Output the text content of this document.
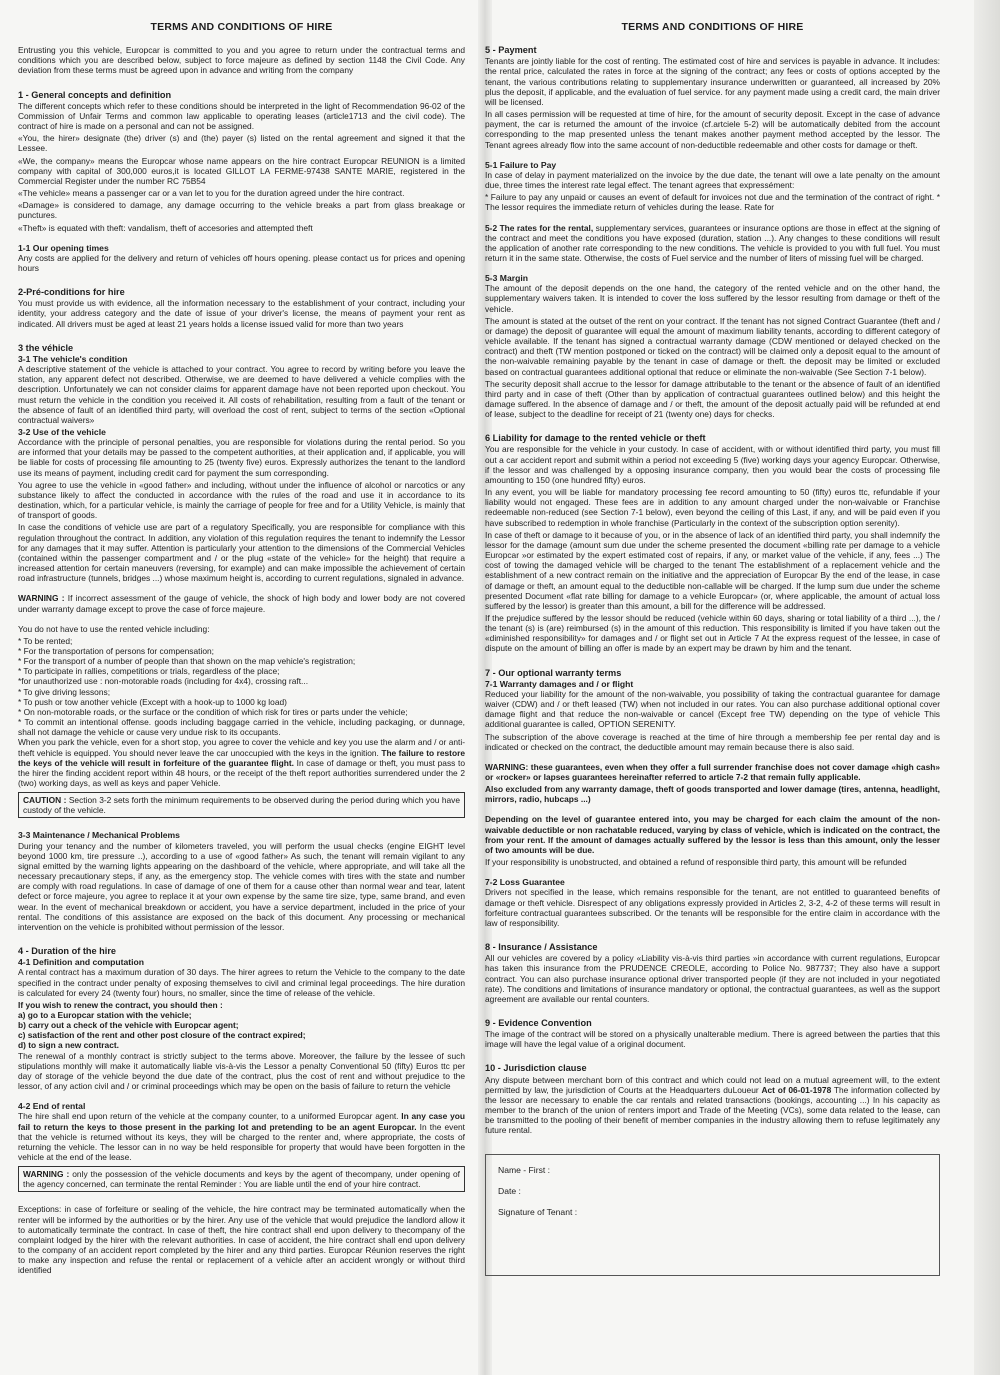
TERMS AND CONDITIONS OF HIRE

Entrusting you this vehicle, Europcar is committed to you and you agree to return under the contractual terms and conditions which you are described below, subject to force majeure as defined by section 1148 the Civil Code. Any deviation from these terms must be agreed upon in advance and writing from the company

1 - General concepts and definition

The different concepts which refer to these conditions should be interpreted in the light of Recommendation 96-02 of the Commission of Unfair Terms and common law applicable to operating leases (article1713 and the civil code). The contract of hire is made on a personal and can not be assigned.

«You, the hirer» designate (the) driver (s) and (the) payer (s) listed on the rental agreement and signed it that the Lessee.

«We, the company» means the Europcar whose name appears on the hire contract Europcar REUNION is a limited company with capital of 300,000 euros,it is located GILLOT LA FERME-97438 SANTE MARIE, registered in the Commercial Register under the number RC 75B54

«The vehicle» means a passenger car or a van let to you for the duration agreed under the hire contract.

«Damage» is considered to damage, any damage occurring to the vehicle breaks a part from glass breakage or punctures.

«Theft» is equated with theft: vandalism, theft of accesories and attempted theft

1-1 Our opening times

Any costs are applied for the delivery and return of vehicles off hours opening. please contact us for prices and opening hours

2-Pré-conditions for hire

You must provide us with evidence, all the information necessary to the establishment of your contract, including your identity, your address category and the date of issue of your driver's license, the means of payment your rent as indicated. All drivers must be aged at least 21 years holds a license issued valid for more than two years

3 the véhicle
3-1 The vehicle's condition

A descriptive statement of the vehicle is attached to your contract. You agree to record by writing before you leave the station, any apparent defect not described. Otherwise, we are deemed to have delivered a vehicle complies with the description. Unfortunately we can not consider claims for apparent damage have not been reported upon checkout. You must return the vehicle in the condition you received it. All costs of rehabilitation, resulting from a fault of the tenant or the absence of fault of an identified third party, will overload the cost of rent, subject to terms of the section «Optional contractual waivers»

3-2 Use of the vehicle

Accordance with the principle of personal penalties, you are responsible for violations during the rental period. So you are informed that your details may be passed to the competent authorities, at their application and, if applicable, you will be liable for costs of processing file amounting to 25 (twenty five) euros. Expressly authorizes the tenant to the landlord use its means of payment, including credit card for payment the sum corresponding.

You agree to use the vehicle in «good father» and including, without under the influence of alcohol or narcotics or any substance likely to affect the conducted in accordance with the rules of the road and use it in accordance to its destination, which, for a particular vehicle, is mainly the carriage of people for free and for a Utility Vehicle, is mainly that of transport of goods.

In case the conditions of vehicle use are part of a regulatory Specifically, you are responsible for compliance with this regulation throughout the contract. In addition, any violation of this regulation requires the tenant to indemnify the Lessor for any damages that it may suffer. Attention is particularly your attention to the dimensions of the Commercial Vehicles (contained within the passenger compartment and / or the plug «state of the vehicle» for the height) that require a increased attention for certain maneuvers (reversing, for example) and can make impossible the achievement of certain road infrastructure (tunnels, bridges ...) whose maximum height is, according to current regulations, signaled in advance.

WARNING : If incorrect assessment of the gauge of vehicle, the shock of high body and lower body are not covered under warranty damage except to prove the case of force majeure.

You do not have to use the rented vehicle including:

* To be rented;
* For the transportation of persons for compensation;
* For the transport of a number of people than that shown on the map vehicle's registration;
* To participate in rallies, competitions or trials, regardless of the place;
*for unauthorized use : non-motorable roads (including for 4x4), crossing raft...
* To give driving lessons;
* To push or tow another vehicle (Except with a hook-up to 1000 kg load)
* On non-motorable roads, or the surface or the condition of which risk for tires or parts under the vehicle;
* To commit an intentional offense. goods including baggage carried in the vehicle, including packaging, or dunnage, shall not damage the vehicle or cause very undue risk to its occupants.

When you park the vehicle, even for a short stop, you agree to cover the vehicle and key you use the alarm and / or anti-theft vehicle is equipped. You should never leave the car unoccupied with the keys in the ignition. The failure to restore the keys of the vehicle will result in forfeiture of the guarantee flight. In case of damage or theft, you must pass to the hirer the finding accident report within 48 hours, or the receipt of the theft report authorities surrendered under the 2 (two) working days, as well as keys and paper Vehicle.

CAUTION : Section 3-2 sets forth the minimum requirements to be observed during the period during which you have custody of the vehicle.
3-3 Maintenance / Mechanical Problems

During your tenancy and the number of kilometers traveled, you will perform the usual checks (engine EIGHT level beyond 1000 km, tire pressure ..), according to a use of «good father» As such, the tenant will remain vigilant to any signal emitted by the warning lights appearing on the dashboard of the vehicle, where appropriate, and will take all the necessary precautionary steps, if any, as the emergency stop. The vehicle comes with tires with the state and number are comply with road regulations. In case of damage of one of them for a cause other than normal wear and tear, latent defect or force majeure, you agree to replace it at your own expense by the same tire size, type, same brand, and even wear. In the event of mechanical breakdown or accident, you have a service department, included in the price of your rental. The conditions of this assistance are exposed on the back of this document. Any processing or mechanical intervention on the vehicle is prohibited without permission of the lessor.

4 - Duration of the hire
4-1 Definition and computation

A rental contract has a maximum duration of 30 days. The hirer agrees to return the Vehicle to the company to the date specified in the contract under penalty of exposing themselves to civil and criminal legal proceedings. The hire duration is calculated for every 24 (twenty four) hours, no smaller, since the time of release of the vehicle.

If you wish to renew the contract, you should then :
a) go to a Europcar station with the vehicle;
b) carry out a check of the vehicle with Europcar agent;
c) satisfaction of the rent and other post closure of the contract expired;
d) to sign a new contract.

The renewal of a monthly contract is strictly subject to the terms above. Moreover, the failure by the lessee of such stipulations monthly will make it automatically liable vis-à-vis the Lessor a penalty Conventional 50 (fifty) Euros ttc per day of storage of the vehicle beyond the due date of the contract, plus the cost of rent and without prejudice to the lessor, of any action civil and / or criminal proceedings which may be open on the basis of failure to return the vehicle

4-2 End of rental

The hire shall end upon return of the vehicle at the company counter, to a uniformed Europcar agent. In any case you fail to return the keys to those present in the parking lot and pretending to be an agent Europcar. In the event that the vehicle is returned without its keys, they will be charged to the renter and, where appropriate, the costs of returning the vehicle. The lessor can in no way be held responsible for property that would have been forgotten in the vehicle at the end of the lease.

WARNING : only the possession of the vehicle documents and keys by the agent of thecompany, under opening of the agency concerned, can terminate the rental Reminder : You are liable until the end of your hire contract.

Exceptions: in case of forfeiture or sealing of the vehicle, the hire contract may be terminated automatically when the renter will be informed by the authorities or by the hirer. Any use of the vehicle that would prejudice the landlord allow it to automatically terminate the contract. In case of theft, the hire contract shall end upon delivery to thecompany of the complaint lodged by the hirer with the relevant authorities. In case of accident, the hire contract shall end upon delivery to the company of an accident report completed by the hirer and any third parties. Europcar Réunion reserves the right to make any inspection and refuse the rental or replacement of a vehicle after an accident wrongly or without third identified

TERMS AND CONDITIONS OF HIRE
5 - Payment

Tenants are jointly liable for the cost of renting. The estimated cost of hire and services is payable in advance. It includes: the rental price, calculated the rates in force at the signing of the contract; any fees or costs of options accepted by the tenant, the various contributions relating to supplementary insurance underwritten or guaranteed, all increased by 20% plus the deposit, if applicable, and the evaluation of fuel service. for any payment made using a credit card, the main driver will be licensed.

In all cases permission will be requested at time of hire, for the amount of security deposit. Except in the case of advance payment, the car is returned the amount of the invoice (cf.artciele 5-2) will be automatically debited from the account corresponding to the map presented unless the tenant makes another payment method accepted by the lessor. The Tenant agrees already flow into the same account of non-deductible redeemable and other costs for damage or theft.

5-1 Failure to Pay

In case of delay in payment materialized on the invoice by the due date, the tenant will owe a late penalty on the amount due, three times the interest rate legal effect. The tenant agrees that expressément:

* Failure to pay any unpaid or causes an event of default for invoices not due and the termination of the contract of right. * The lessor requires the immediate return of vehicles during the lease. Rate for

5-2 The rates for the rental, supplementary services, guarantees or insurance options are those in effect at the signing of the contract and meet the conditions you have exposed (duration, station ...). Any changes to these conditions will result the application of another rate corresponding to the new conditions. The vehicle is provided to you with full fuel. You must return it in the same state. Otherwise, the costs of Fuel service and the number of liters of missing fuel will be charged.

5-3 Margin

The amount of the deposit depends on the one hand, the category of the rented vehicle and on the other hand, the supplementary waivers taken. It is intended to cover the loss suffered by the lessor resulting from damage or theft of the vehicle.

The amount is stated at the outset of the rent on your contract. If the tenant has not signed Contract Guarantee (theft and / or damage) the deposit of guarantee will equal the amount of maximum liability tenants, according to different category of vehicle available. If the tenant has signed a contractual warranty damage (CDW mentioned or delayed checked on the contract) and theft (TW mention postponed or ticked on the contract) will be claimed only a deposit equal to the amount of the non-waivable remaining payable by the tenant in case of damage or theft. the deposit may be limited or excluded based on contractual guarantees additional optional that reduce or eliminate the non-waivable (See Section 7-1 below).

The security deposit shall accrue to the lessor for damage attributable to the tenant or the absence of fault of an identified third party and in case of theft (Other than by application of contractual guarantees outlined below) and this height the damage suffered. In the absence of damage and / or theft, the amount of the deposit actually paid will be refunded at end of lease, subject to the deadline for receipt of 21 (twenty one) days for checks.

6 Liability for damage to the rented vehicle or theft

You are responsible for the vehicle in your custody. In case of accident, with or without identified third party, you must fill out a car accident report and submit within a period not exceeding 5 (five) working days your agency Europcar. Otherwise, if the lessor and was challenged by a opposing insurance company, then you would bear the costs of processing file amounting to 150 (one hundred fifty) euros.

In any event, you will be liable for mandatory processing fee record amounting to 50 (fifty) euros ttc, refundable if your liability would not engaged. These fees are in addition to any amount charged under the non-waivable or Franchise redeemable non-reduced (see Section 7-1 below), even beyond the ceiling of this Last, if any, and will be paid even if you have subscribed to redemption in whole franchise (Particularly in the context of the subscription option serenity).

In case of theft or damage to it because of you, or in the absence of lack of an identified third party, you shall indemnify the lessor for the damage (amount sum due under the scheme presented the document «billing rate per damage to a vehicle Europcar »or estimated by the expert estimated cost of repairs, if any, or market value of the vehicle, if any, fees ...) The cost of towing the damaged vehicle will be charged to the tenant The establishment of a replacement vehicle and the establishment of a new contract remain on the initiative and the appreciation of Europcar By the end of the lease, in case of damage or theft, an amount equal to the deductible non-callable will be charged. If the lump sum due under the scheme presented Document «flat rate billing for damage to a vehicle Europcar» (or, where applicable, the amount of actual loss suffered by the lessor) is greater than this amount, a bill for the difference will be addressed.

If the prejudice suffered by the lessor should be reduced (vehicle within 60 days, sharing or total liability of a third ...), the / the tenant (s) is (are) reimbursed (s) in the amount of this reduction. This responsibility is limited if you have taken out the «diminished responsibility» for damages and / or flight set out in Article 7 At the express request of the lessee, in case of dispute on the amount of billing an offer is made by an expert may be drawn by him and the tenant.

7 - Our optional warranty terms
7-1 Warranty damages and / or flight

Reduced your liability for the amount of the non-waivable, you possibility of taking the contractual guarantee for damage waiver (CDW) and / or theft leased (TW) when not included in our rates. You can also purchase additional optional cover damage flight and that reduce the non-waivable or cancel (Except free TW) depending on the type of vehicle This additional guarantee is called, OPTION SERENITY.

The subscription of the above coverage is reached at the time of hire through a membership fee per rental day and is indicated or checked on the contract, the deductible amount may remain because there is also said.

WARNING: these guarantees, even when they offer a full surrender franchise does not cover damage «high cash» or «rocker» or lapses guarantees hereinafter referred to article 7-2 that remain fully applicable.

Also excluded from any warranty damage, theft of goods transported and lower damage (tires, antenna, headlight, mirrors, radio, hubcaps ...)

Depending on the level of guarantee entered into, you may be charged for each claim the amount of the non-waivable deductible or non rachatable reduced, varying by class of vehicle, which is indicated on the contract, the from your rent. If the amount of damages actually suffered by the lessor is less than this amount, only the lesser of two amounts will be due.

If your responsibility is unobstructed, and obtained a refund of responsible third party, this amount will be refunded

7-2 Loss Guarantee

Drivers not specified in the lease, which remains responsible for the tenant, are not entitled to guaranteed benefits of damage or theft vehicle. Disrespect of any obligations expressly provided in Articles 2, 3-2, 4-2 of these terms will result in forfeiture contractual guarantees subscribed. Or the tenants will be responsible for the entire claim in accordance with the law of responsibility.

8 - Insurance / Assistance

All our vehicles are covered by a policy «Liability vis-à-vis third parties »in accordance with current regulations, Europcar has taken this insurance from the PRUDENCE CREOLE, according to Police No. 987737; They also have a support contract. You can also purchase insurance optional driver transported people (if they are not included in your negotiated rate). The conditions and limitations of insurance mandatory or optional, the contractual guarantees, as well as the support agreement are available our rental counters.

9 - Evidence Convention

The image of the contract will be stored on a physically unalterable medium. There is agreed between the parties that this image will have the legal value of a original document.

10 - Jurisdiction clause

Any dispute between merchant born of this contract and which could not lead on a mutual agreement will, to the extent permitted by law, the jurisdiction of Courts at the Headquarters duLoueur Act of 06-01-1978 The information collected by the lessor are necessary to enable the car rentals and related transactions (bookings, accounting ...) In his capacity as member to the branch of the union of renters import and Trade of the Meeting (VCs), some data related to the lease, can be transmitted to the pooling of their benefit of member companies in the industry allowing them to refuse legitimately any future rental.

Name - First :
Date :
Signature of Tenant :
